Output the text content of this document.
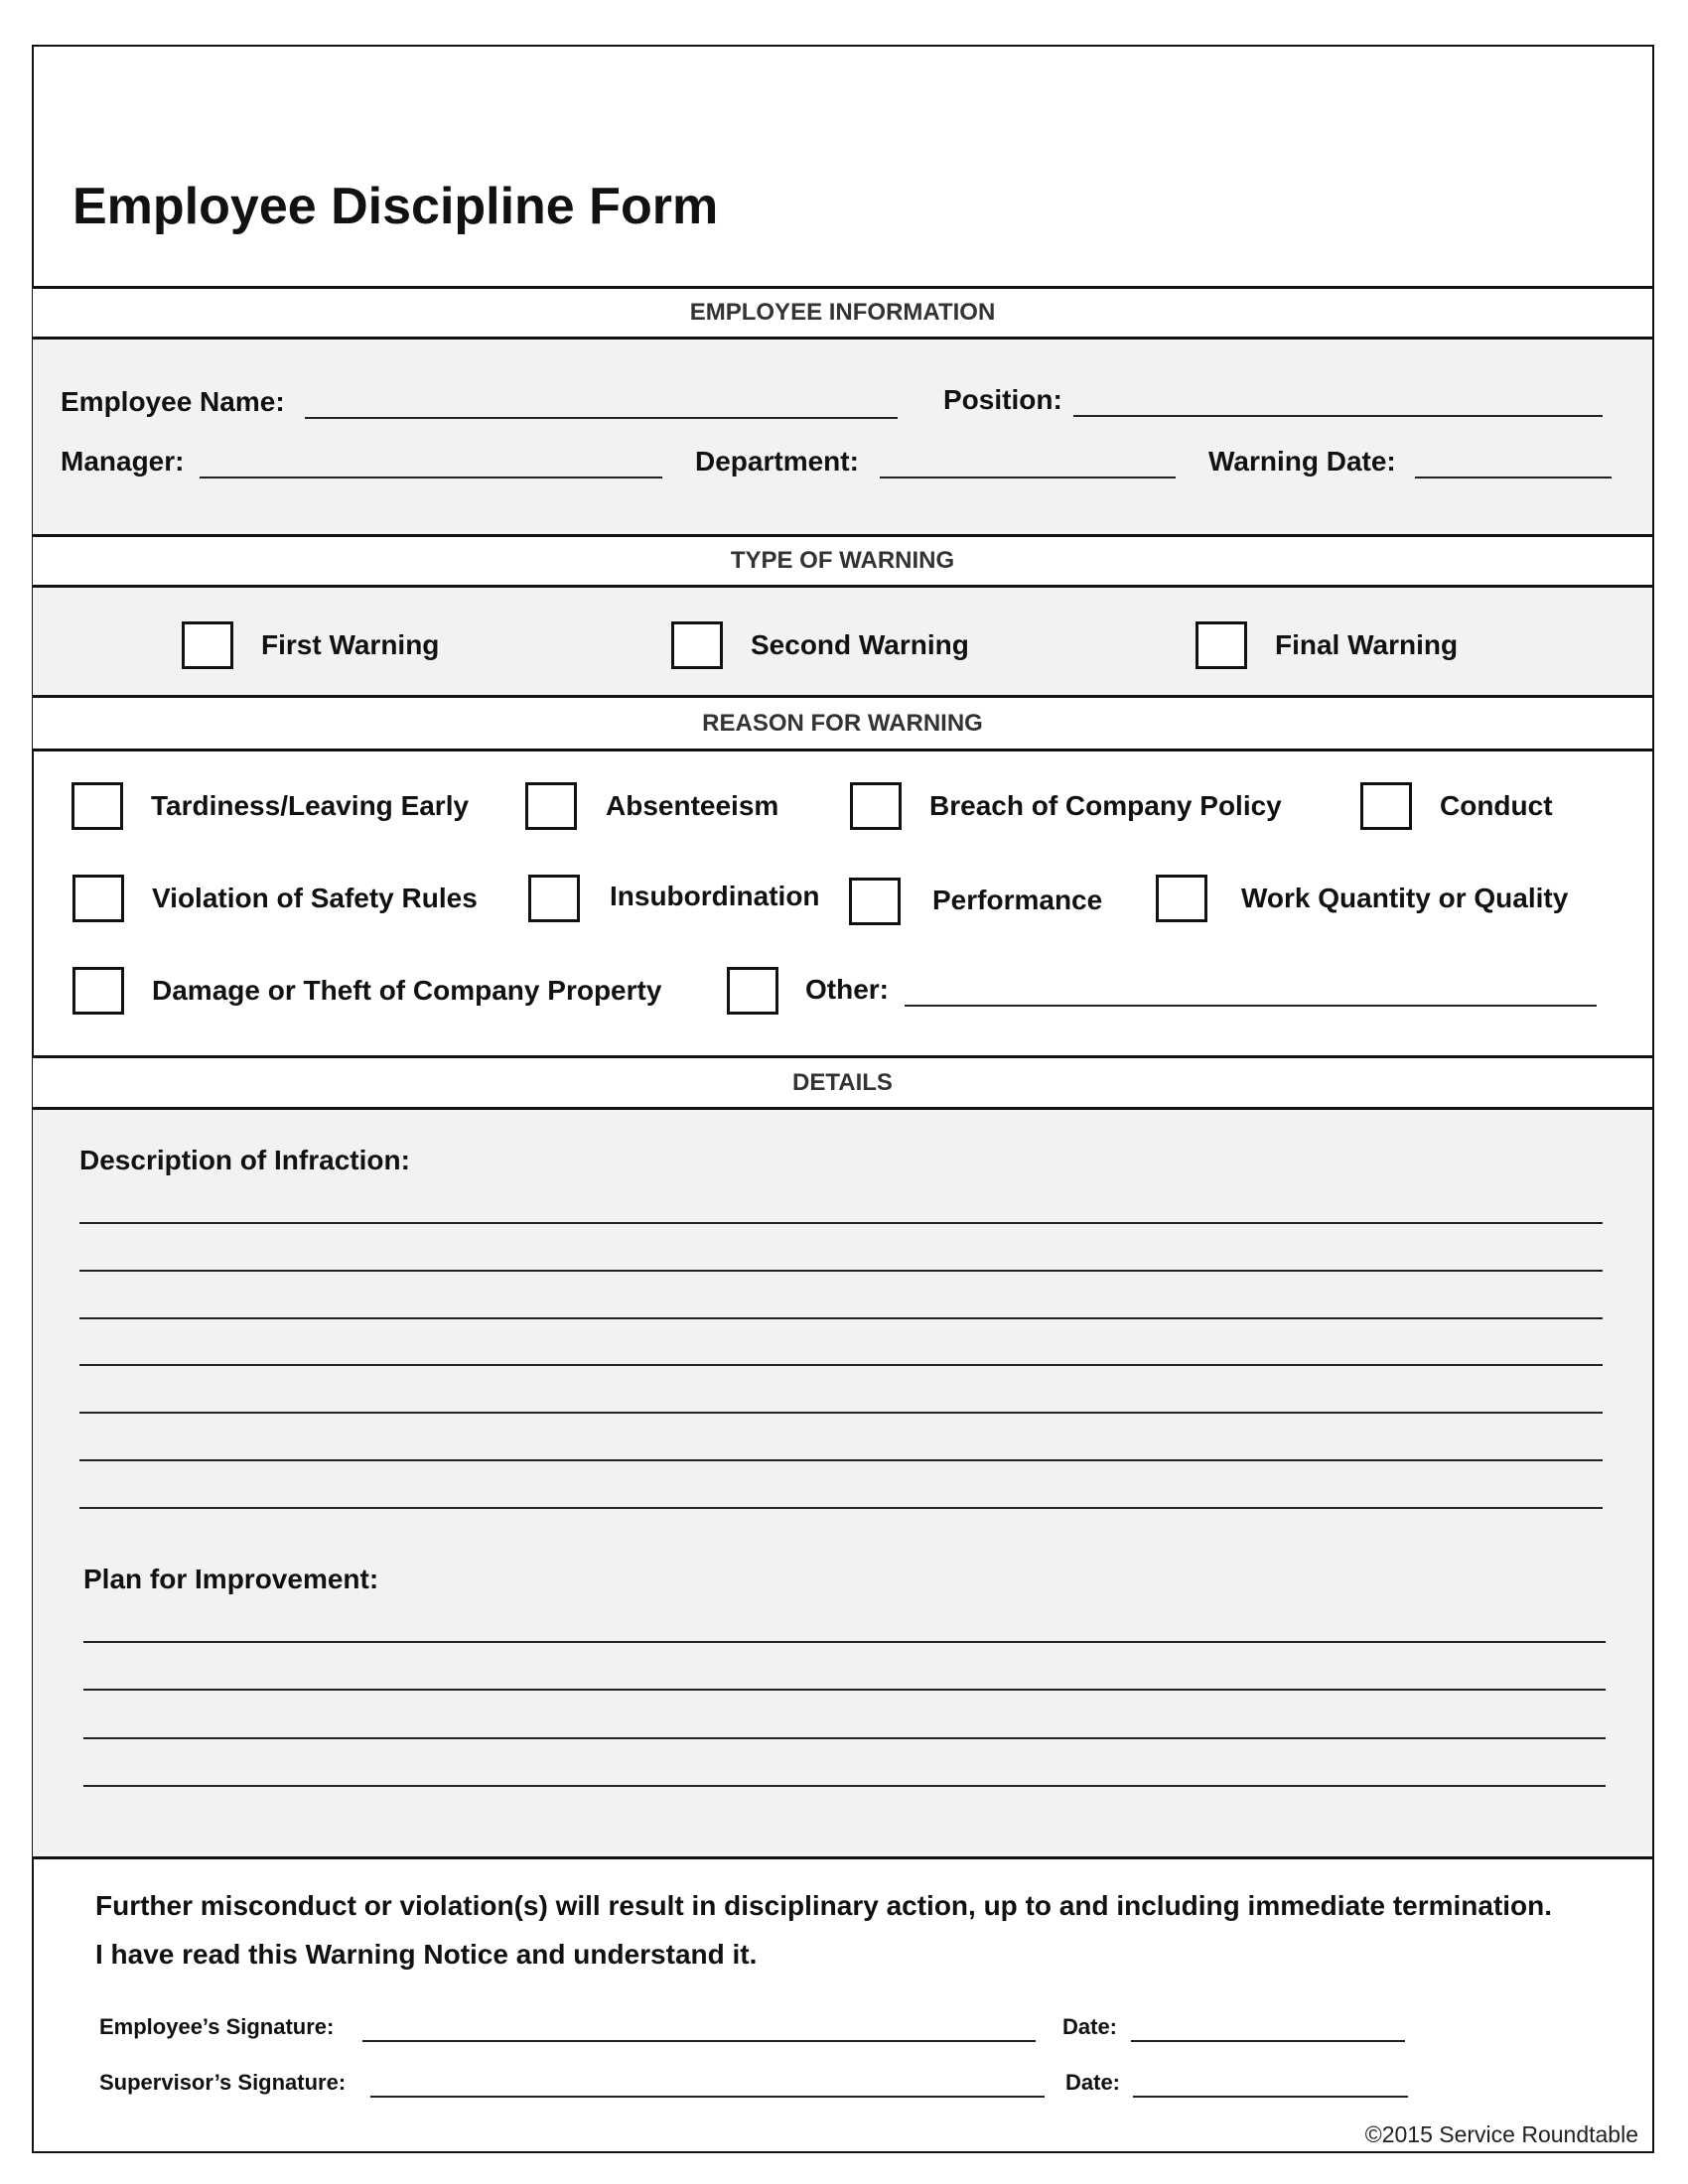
Employee Discipline Form
EMPLOYEE INFORMATION
Employee Name:	Position:
Manager:	Department:	Warning Date:
TYPE OF WARNING
First Warning	Second Warning	Final Warning
REASON FOR WARNING
Tardiness/Leaving Early	Absenteeism	Breach of Company Policy	Conduct
Violation of Safety Rules	Insubordination	Performance	Work Quantity or Quality
Damage or Theft of Company Property	Other:
DETAILS
Description of Infraction:
Plan for Improvement:
Further misconduct or violation(s) will result in disciplinary action, up to and including immediate termination.
I have read this Warning Notice and understand it.
Employee’s Signature:	Date:
Supervisor’s Signature:	Date:
©2015 Service Roundtable
